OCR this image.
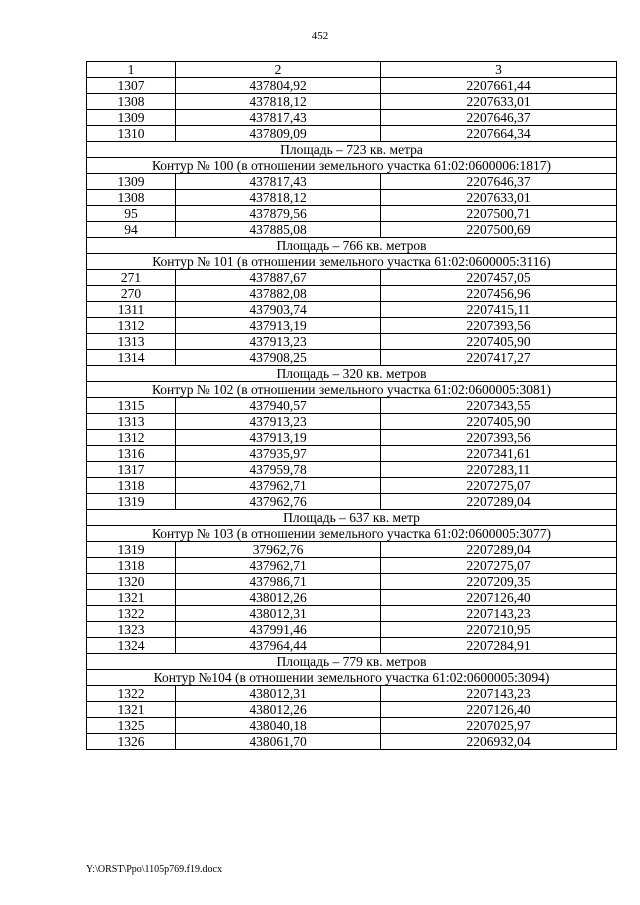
452
1	2	3
1307	437804,92	2207661,44
1308	437818,12	2207633,01
1309	437817,43	2207646,37
1310	437809,09	2207664,34
Площадь – 723 кв. метра		
Контур № 100 (в отношении земельного участка 61:02:0600006:1817)		
1309	437817,43	2207646,37
1308	437818,12	2207633,01
95	437879,56	2207500,71
94	437885,08	2207500,69
Площадь – 766 кв. метров		
Контур № 101 (в отношении земельного участка 61:02:0600005:3116)		
271	437887,67	2207457,05
270	437882,08	2207456,96
1311	437903,74	2207415,11
1312	437913,19	2207393,56
1313	437913,23	2207405,90
1314	437908,25	2207417,27
Площадь – 320 кв. метров		
Контур № 102 (в отношении земельного участка 61:02:0600005:3081)		
1315	437940,57	2207343,55
1313	437913,23	2207405,90
1312	437913,19	2207393,56
1316	437935,97	2207341,61
1317	437959,78	2207283,11
1318	437962,71	2207275,07
1319	437962,76	2207289,04
Площадь – 637 кв. метр		
Контур № 103 (в отношении земельного участка 61:02:0600005:3077)		
1319	37962,76	2207289,04
1318	437962,71	2207275,07
1320	437986,71	2207209,35
1321	438012,26	2207126,40
1322	438012,31	2207143,23
1323	437991,46	2207210,95
1324	437964,44	2207284,91
Площадь – 779 кв. метров		
Контур №104 (в отношении земельного участка 61:02:0600005:3094)		
1322	438012,31	2207143,23
1321	438012,26	2207126,40
1325	438040,18	2207025,97
1326	438061,70	2206932,04
Y:\ORST\Ppo\1105p769.f19.docx
